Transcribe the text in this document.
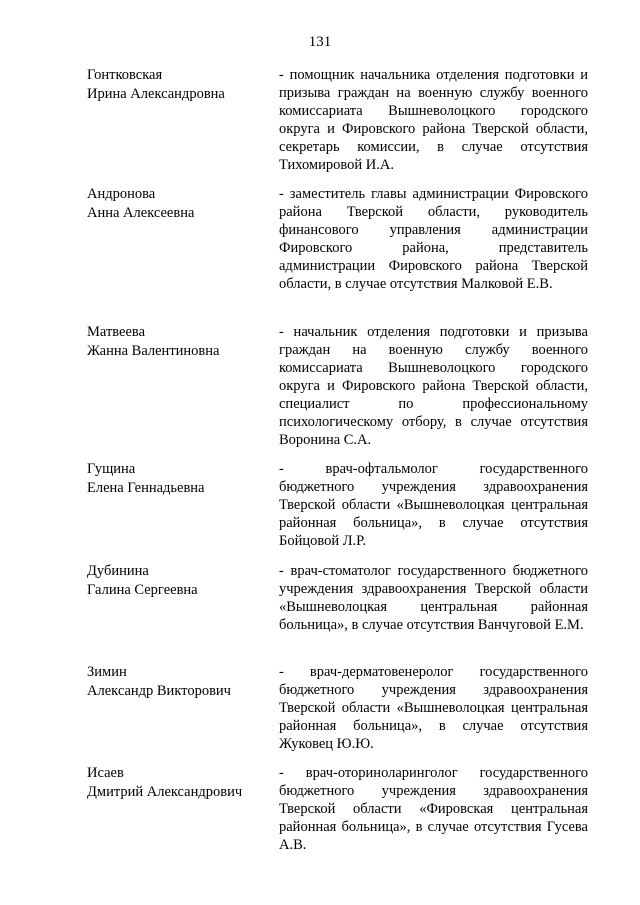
131
Гонтковская
Ирина Александровна
- помощник начальника отделения подготовки и призыва граждан на военную службу военного комиссариата Вышневолоцкого городского округа и Фировского района Тверской области, секретарь комиссии, в случае отсутствия Тихомировой И.А.
Андронова
Анна Алексеевна
- заместитель главы администрации Фировского района Тверской области, руководитель финансового управления администрации Фировского района, представитель администрации Фировского района Тверской области, в случае отсутствия Малковой Е.В.
Матвеева
Жанна Валентиновна
- начальник отделения подготовки и призыва граждан на военную службу военного комиссариата Вышневолоцкого городского округа и Фировского района Тверской области, специалист по профессиональному психологическому отбору, в случае отсутствия Воронина С.А.
Гущина
Елена Геннадьевна
- врач-офтальмолог государственного бюджетного учреждения здравоохранения Тверской области «Вышневолоцкая центральная районная больница», в случае отсутствия Бойцовой Л.Р.
Дубинина
Галина Сергеевна
- врач-стоматолог государственного бюджетного учреждения здравоохранения Тверской области «Вышневолоцкая центральная районная больница», в случае отсутствия Ванчуговой Е.М.
Зимин
Александр Викторович
- врач-дерматовенеролог государственного бюджетного учреждения здравоохранения Тверской области «Вышневолоцкая центральная районная больница», в случае отсутствия Жуковец Ю.Ю.
Исаев
Дмитрий Александрович
- врач-оториноларинголог государственного бюджетного учреждения здравоохранения Тверской области «Фировская центральная районная больница», в случае отсутствия Гусева А.В.
